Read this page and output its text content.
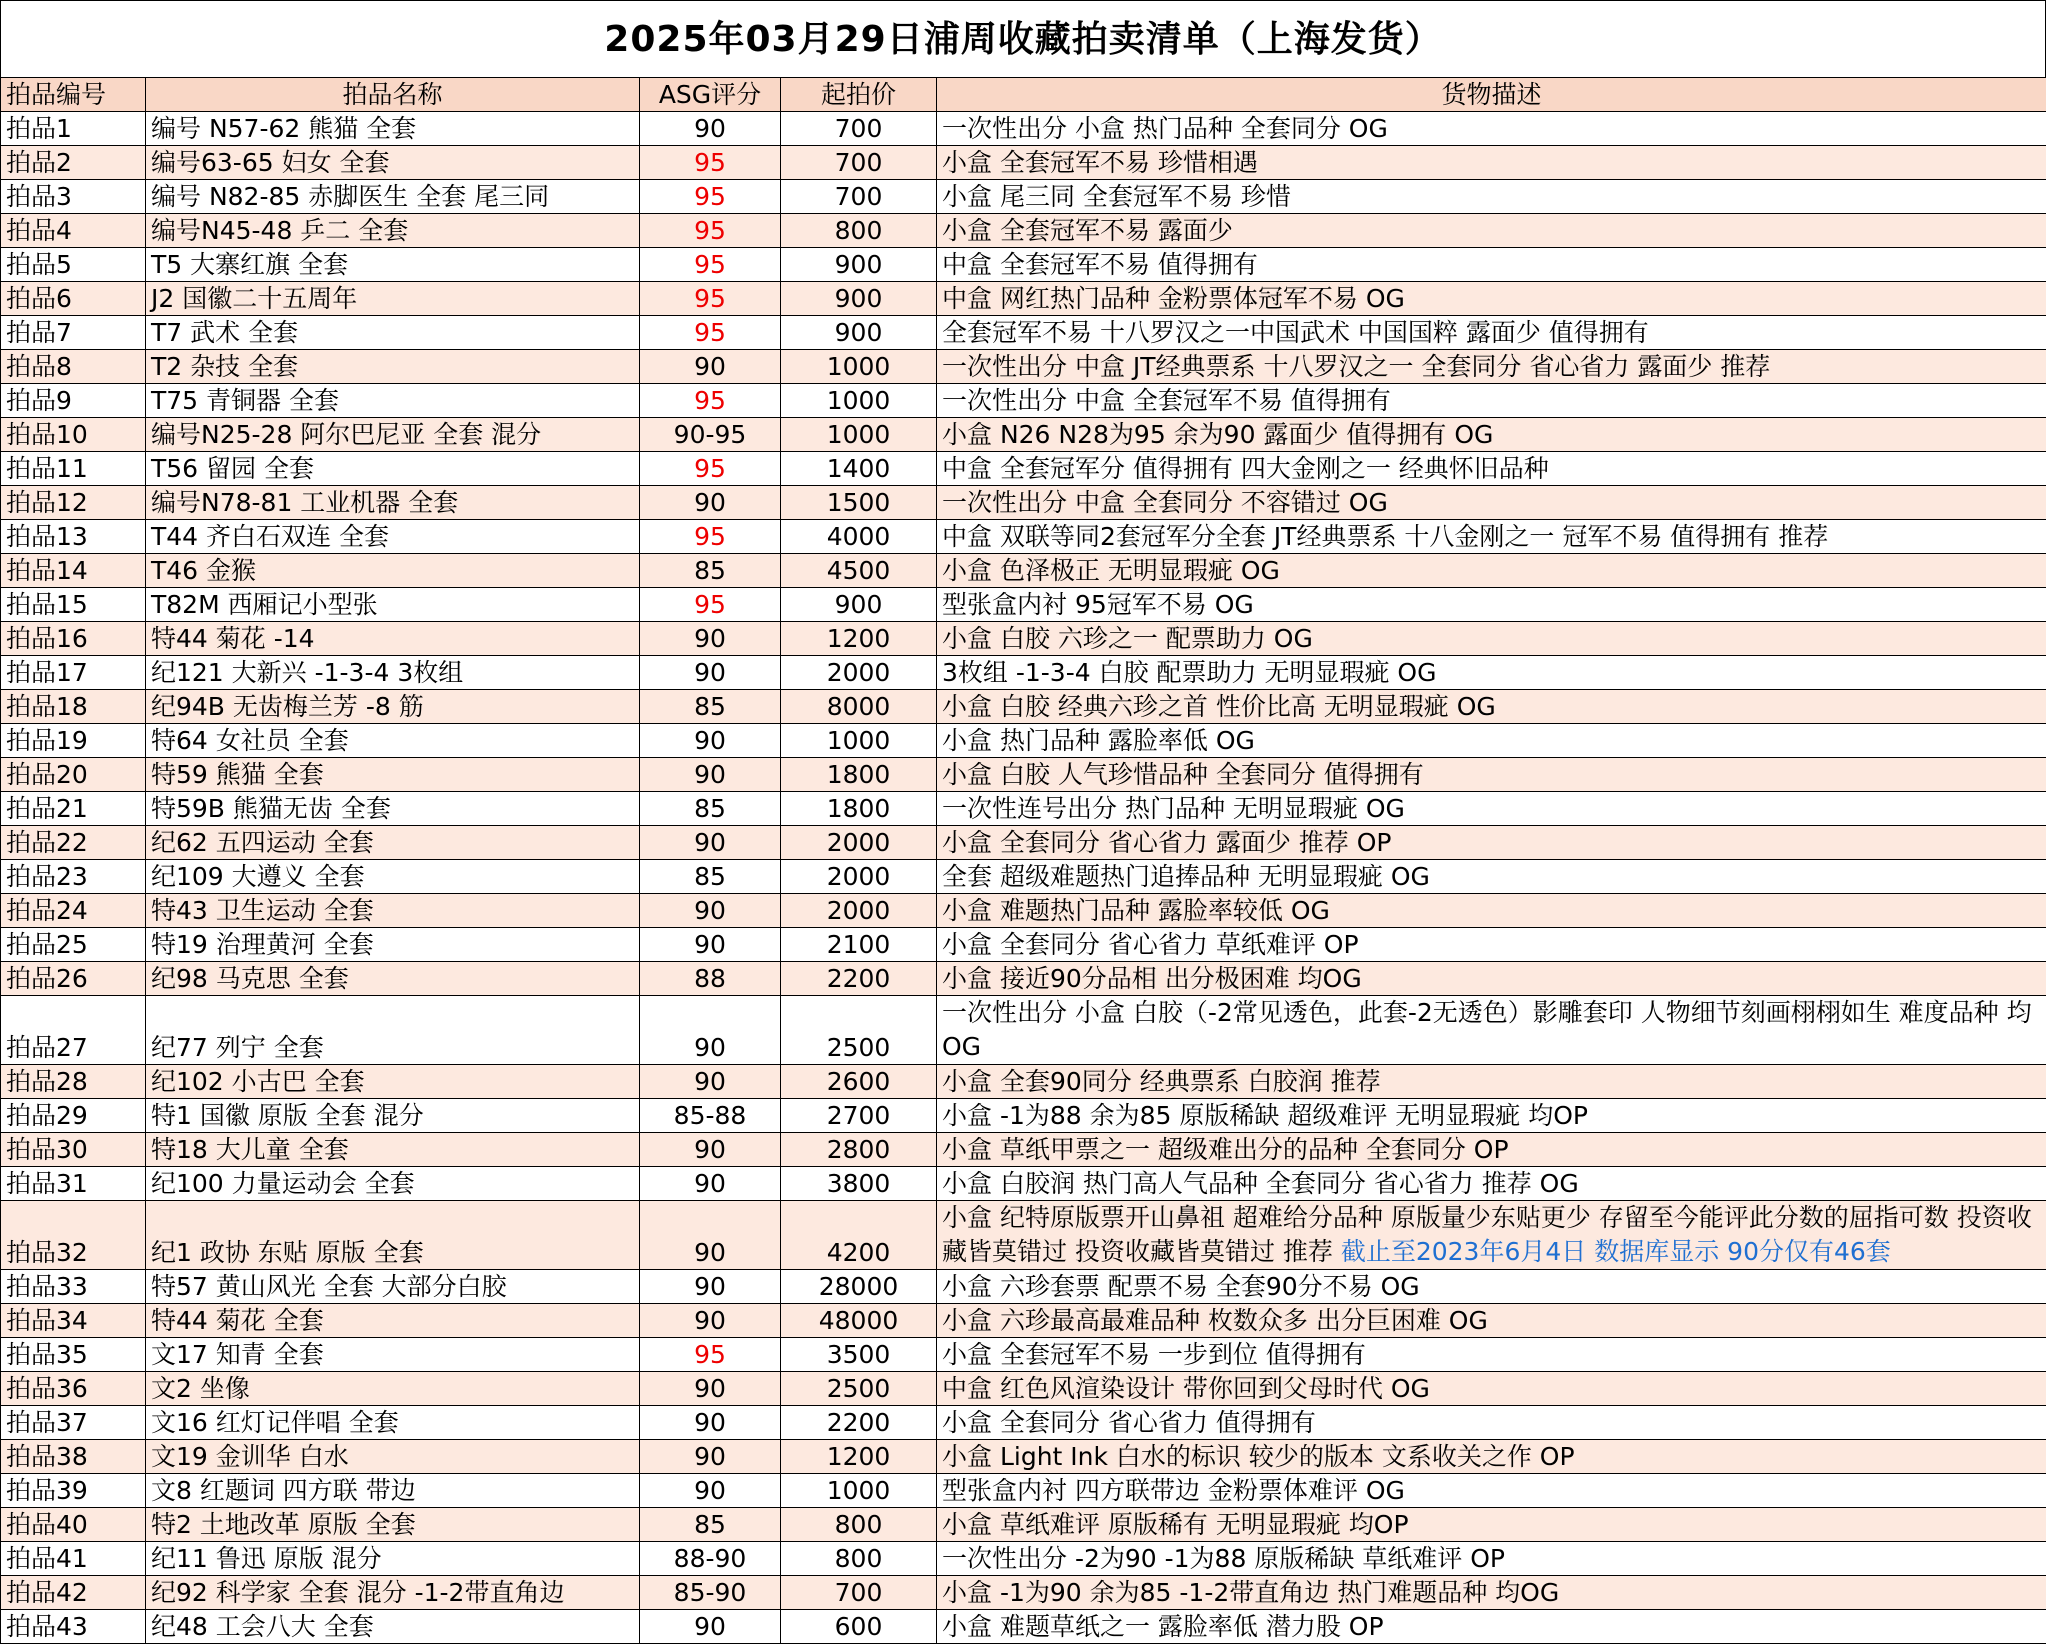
2025年03月29日浦周收藏拍卖清单（上海发货）
拍品编号	拍品名称	ASG评分	起拍价	货物描述
拍品1	编号 N57-62 熊猫 全套	90	700	一次性出分 小盒 热门品种 全套同分 OG
拍品2	编号63-65 妇女 全套	95	700	小盒 全套冠军不易 珍惜相遇
拍品3	编号 N82-85 赤脚医生 全套 尾三同	95	700	小盒 尾三同 全套冠军不易 珍惜
拍品4	编号N45-48 乒二 全套	95	800	小盒 全套冠军不易 露面少
拍品5	T5 大寨红旗 全套	95	900	中盒 全套冠军不易 值得拥有
拍品6	J2 国徽二十五周年	95	900	中盒 网红热门品种 金粉票体冠军不易 OG
拍品7	T7 武术 全套	95	900	全套冠军不易 十八罗汉之一中国武术 中国国粹 露面少 值得拥有
拍品8	T2 杂技 全套	90	1000	一次性出分 中盒 JT经典票系 十八罗汉之一 全套同分 省心省力 露面少 推荐
拍品9	T75 青铜器 全套	95	1000	一次性出分 中盒 全套冠军不易 值得拥有
拍品10	编号N25-28 阿尔巴尼亚 全套 混分	90-95	1000	小盒 N26 N28为95 余为90 露面少 值得拥有 OG
拍品11	T56 留园 全套	95	1400	中盒 全套冠军分 值得拥有 四大金刚之一 经典怀旧品种
拍品12	编号N78-81 工业机器 全套	90	1500	一次性出分 中盒 全套同分 不容错过 OG
拍品13	T44 齐白石双连 全套	95	4000	中盒 双联等同2套冠军分全套 JT经典票系 十八金刚之一 冠军不易 值得拥有 推荐
拍品14	T46 金猴	85	4500	小盒 色泽极正 无明显瑕疵 OG
拍品15	T82M 西厢记小型张	95	900	型张盒内衬 95冠军不易 OG
拍品16	特44 菊花 -14	90	1200	小盒 白胶 六珍之一 配票助力 OG
拍品17	纪121 大新兴 -1-3-4 3枚组	90	2000	3枚组 -1-3-4 白胶 配票助力 无明显瑕疵 OG
拍品18	纪94B 无齿梅兰芳 -8 筋	85	8000	小盒 白胶 经典六珍之首 性价比高 无明显瑕疵 OG
拍品19	特64 女社员 全套	90	1000	小盒 热门品种 露脸率低 OG
拍品20	特59 熊猫 全套	90	1800	小盒 白胶 人气珍惜品种 全套同分 值得拥有
拍品21	特59B 熊猫无齿 全套	85	1800	一次性连号出分 热门品种 无明显瑕疵 OG
拍品22	纪62 五四运动 全套	90	2000	小盒 全套同分 省心省力 露面少 推荐 OP
拍品23	纪109 大遵义 全套	85	2000	全套 超级难题热门追捧品种 无明显瑕疵 OG
拍品24	特43 卫生运动 全套	90	2000	小盒 难题热门品种 露脸率较低 OG
拍品25	特19 治理黄河 全套	90	2100	小盒 全套同分 省心省力 草纸难评 OP
拍品26	纪98 马克思 全套	88	2200	小盒 接近90分品相 出分极困难 均OG
拍品27	纪77 列宁 全套	90	2500	一次性出分 小盒 白胶（-2常见透色，此套-2无透色）影雕套印 人物细节刻画栩栩如生 难度品种 均OG
拍品28	纪102 小古巴 全套	90	2600	小盒 全套90同分 经典票系 白胶润 推荐
拍品29	特1 国徽 原版 全套 混分	85-88	2700	小盒 -1为88 余为85 原版稀缺 超级难评 无明显瑕疵 均OP
拍品30	特18 大儿童 全套	90	2800	小盒 草纸甲票之一 超级难出分的品种 全套同分 OP
拍品31	纪100 力量运动会 全套	90	3800	小盒 白胶润 热门高人气品种 全套同分 省心省力 推荐 OG
拍品32	纪1 政协 东贴 原版 全套	90	4200	小盒 纪特原版票开山鼻祖 超难给分品种 原版量少东贴更少 存留至今能评此分数的屈指可数 投资收藏皆莫错过 投资收藏皆莫错过 推荐 截止至2023年6月4日 数据库显示 90分仅有46套
拍品33	特57 黄山风光 全套 大部分白胶	90	28000	小盒 六珍套票 配票不易 全套90分不易 OG
拍品34	特44 菊花 全套	90	48000	小盒 六珍最高最难品种 枚数众多 出分巨困难 OG
拍品35	文17 知青 全套	95	3500	小盒 全套冠军不易 一步到位 值得拥有
拍品36	文2 坐像	90	2500	中盒 红色风渲染设计 带你回到父母时代 OG
拍品37	文16 红灯记伴唱 全套	90	2200	小盒 全套同分 省心省力 值得拥有
拍品38	文19 金训华 白水	90	1200	小盒 Light Ink 白水的标识 较少的版本 文系收关之作 OP
拍品39	文8 红题词 四方联 带边	90	1000	型张盒内衬 四方联带边 金粉票体难评 OG
拍品40	特2 土地改革 原版 全套	85	800	小盒 草纸难评 原版稀有 无明显瑕疵 均OP
拍品41	纪11 鲁迅 原版 混分	88-90	800	一次性出分 -2为90 -1为88 原版稀缺 草纸难评 OP
拍品42	纪92 科学家 全套 混分 -1-2带直角边	85-90	700	小盒 -1为90 余为85 -1-2带直角边 热门难题品种 均OG
拍品43	纪48 工会八大 全套	90	600	小盒 难题草纸之一 露脸率低 潜力股 OP
